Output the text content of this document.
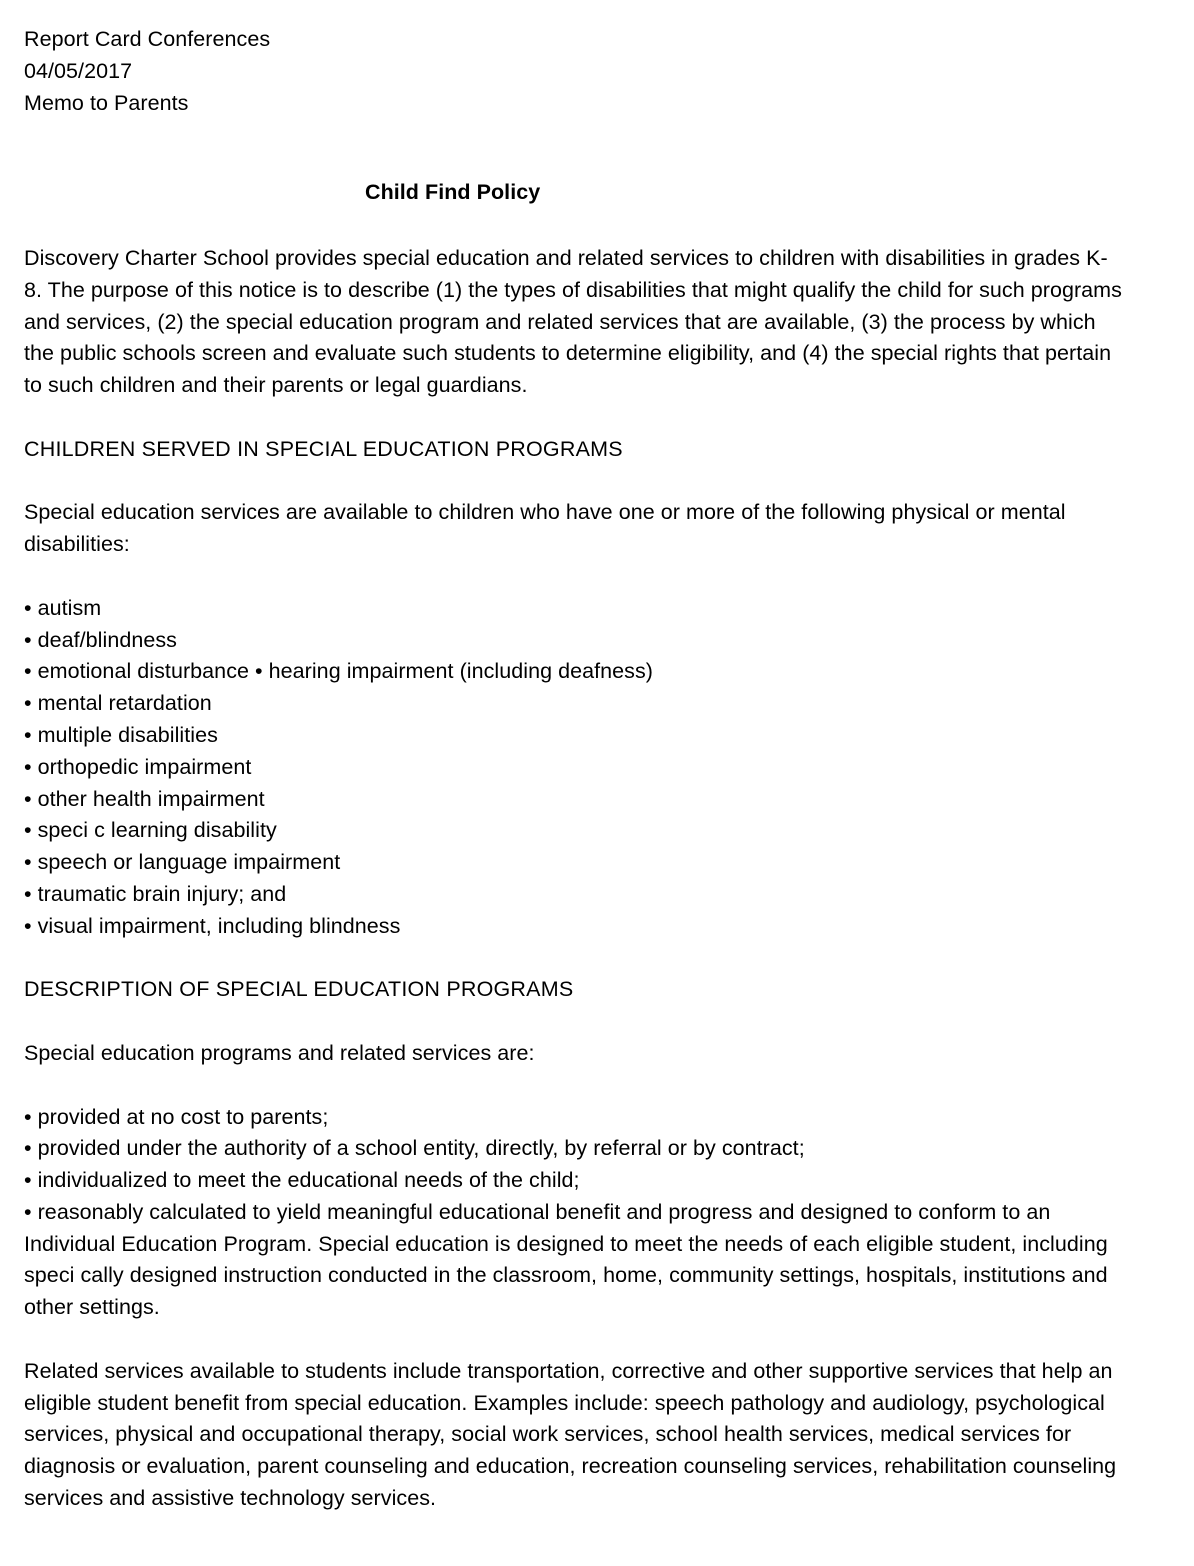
Report Card Conferences
04/05/2017
Memo to Parents
Child Find Policy

Discovery Charter School provides special education and related services to children with disabilities in grades K-8. The purpose of this notice is to describe (1) the types of disabilities that might qualify the child for such programs and services, (2) the special education program and related services that are available, (3) the process by which the public schools screen and evaluate such students to determine eligibility, and (4) the special rights that pertain to such children and their parents or legal guardians.

CHILDREN SERVED IN SPECIAL EDUCATION PROGRAMS

Special education services are available to children who have one or more of the following physical or mental disabilities:

• autism
• deaf/blindness
• emotional disturbance • hearing impairment (including deafness)
• mental retardation
• multiple disabilities
• orthopedic impairment
• other health impairment
• speci c learning disability
• speech or language impairment
• traumatic brain injury; and
• visual impairment, including blindness
DESCRIPTION OF SPECIAL EDUCATION PROGRAMS

Special education programs and related services are:

• provided at no cost to parents;
• provided under the authority of a school entity, directly, by referral or by contract;
• individualized to meet the educational needs of the child;
• reasonably calculated to yield meaningful educational benefit and progress and designed to conform to an Individual Education Program. Special education is designed to meet the needs of each eligible student, including speci cally designed instruction conducted in the classroom, home, community settings, hospitals, institutions and other settings.

Related services available to students include transportation, corrective and other supportive services that help an eligible student benefit from special education. Examples include: speech pathology and audiology, psychological services, physical and occupational therapy, social work services, school health services, medical services for diagnosis or evaluation, parent counseling and education, recreation counseling services, rehabilitation counseling services and assistive technology services.
